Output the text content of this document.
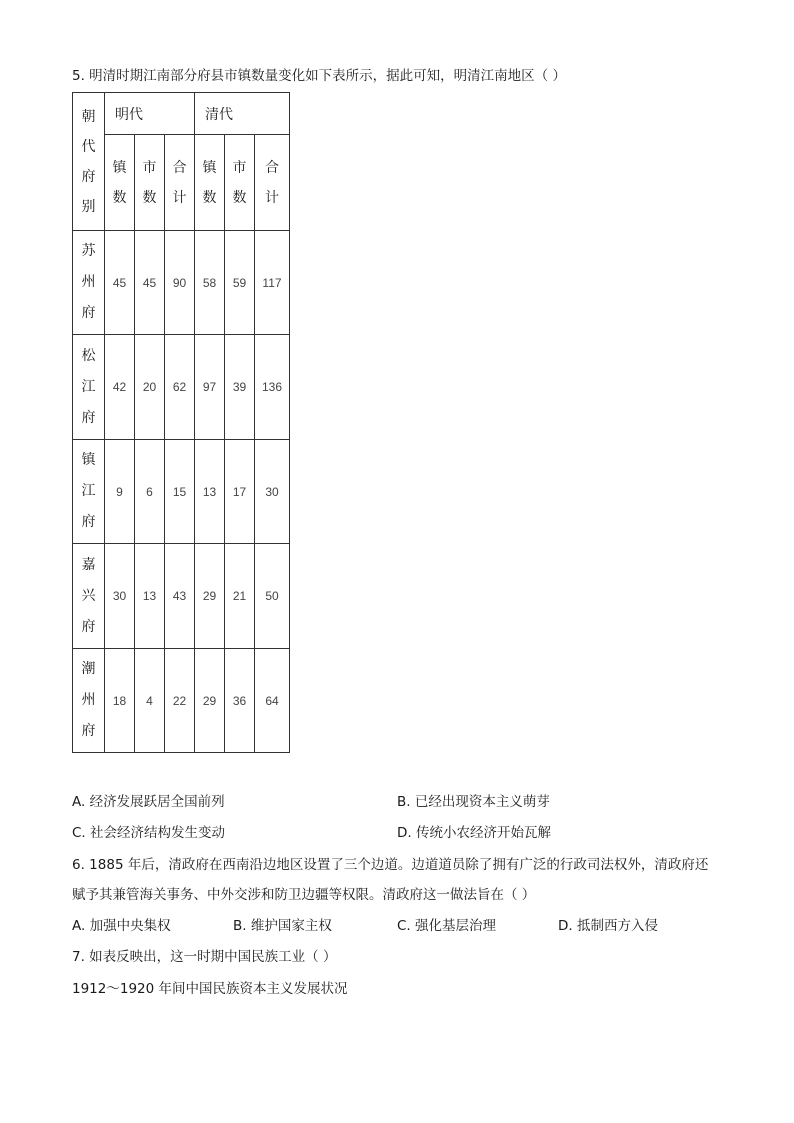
5. 明清时期江南部分府县市镇数量变化如下表所示，据此可知，明清江南地区（ ）
朝代府别	明代			清代		
	镇数	市数	合计	镇数	市数	合计
苏州府	45	45	90	58	59	117
松江府	42	20	62	97	39	136
镇江府	9	6	15	13	17	30
嘉兴府	30	13	43	29	21	50
潮州府	18	4	22	29	36	64
A. 经济发展跃居全国前列	B. 已经出现资本主义萌芽
C. 社会经济结构发生变动	D. 传统小农经济开始瓦解
6. 1885 年后，清政府在西南沿边地区设置了三个边道。边道道员除了拥有广泛的行政司法权外，清政府还
赋予其兼管海关事务、中外交涉和防卫边疆等权限。清政府这一做法旨在（ ）
A. 加强中央集权	B. 维护国家主权	C. 强化基层治理	D. 抵制西方入侵
7. 如表反映出，这一时期中国民族工业（ ）
1912～1920 年间中国民族资本主义发展状况
